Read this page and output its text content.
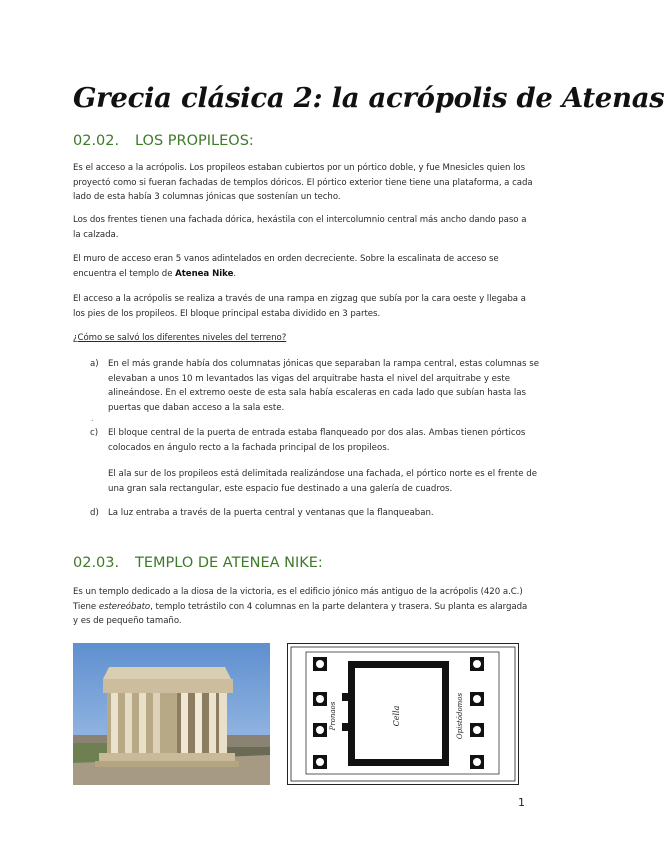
Grecia clásica 2: la acrópolis de Atenas
02.02. LOS PROPILEOS:

Es el acceso a la acrópolis. Los propileos estaban cubiertos por un pórtico doble, y fue Mnesicles quien los proyectó como si fueran fachadas de templos dóricos. El pórtico exterior tiene tiene una plataforma, a cada lado de esta había 3 columnas jónicas que sostenían un techo.

Los dos frentes tienen una fachada dórica, hexástila con el intercolumnio central más ancho dando paso a la calzada.

El muro de acceso eran 5 vanos adintelados en orden decreciente. Sobre la escalinata de acceso se encuentra el templo de Atenea Nike.

El acceso a la acrópolis se realiza a través de una rampa en zigzag que subía por la cara oeste y llegaba a los pies de los propileos. El bloque principal estaba dividido en 3 partes.

¿Cómo se salvó los diferentes niveles del terreno?

a)	En el más grande había dos columnatas jónicas que separaban la rampa central, estas columnas se elevaban a unos 10 m levantados las vigas del arquitrabe hasta el nivel del arquitrabe y este alineándose. En el extremo oeste de esta sala había escaleras en cada lado que subían hasta las puertas que daban acceso a la sala este.
.
c)	El bloque central de la puerta de entrada estaba flanqueado por dos alas. Ambas tienen pórticos colocados en ángulo recto a la fachada principal de los propileos.
El ala sur de los propileos está delimitada realizándose una fachada, el pórtico norte es el frente de una gran sala rectangular, este espacio fue destinado a una galería de cuadros.
d)	La luz entraba a través de la puerta central y ventanas que la flanqueaban.
02.03. TEMPLO DE ATENEA NIKE:

Es un templo dedicado a la diosa de la victoria, es el edificio jónico más antiguo de la acrópolis (420 a.C.) Tiene estereóbato, templo tetrástilo con 4 columnas en la parte delantera y trasera. Su planta es alargada y es de pequeño tamaño.

Pronaos	Cella	Opistódomos
1
